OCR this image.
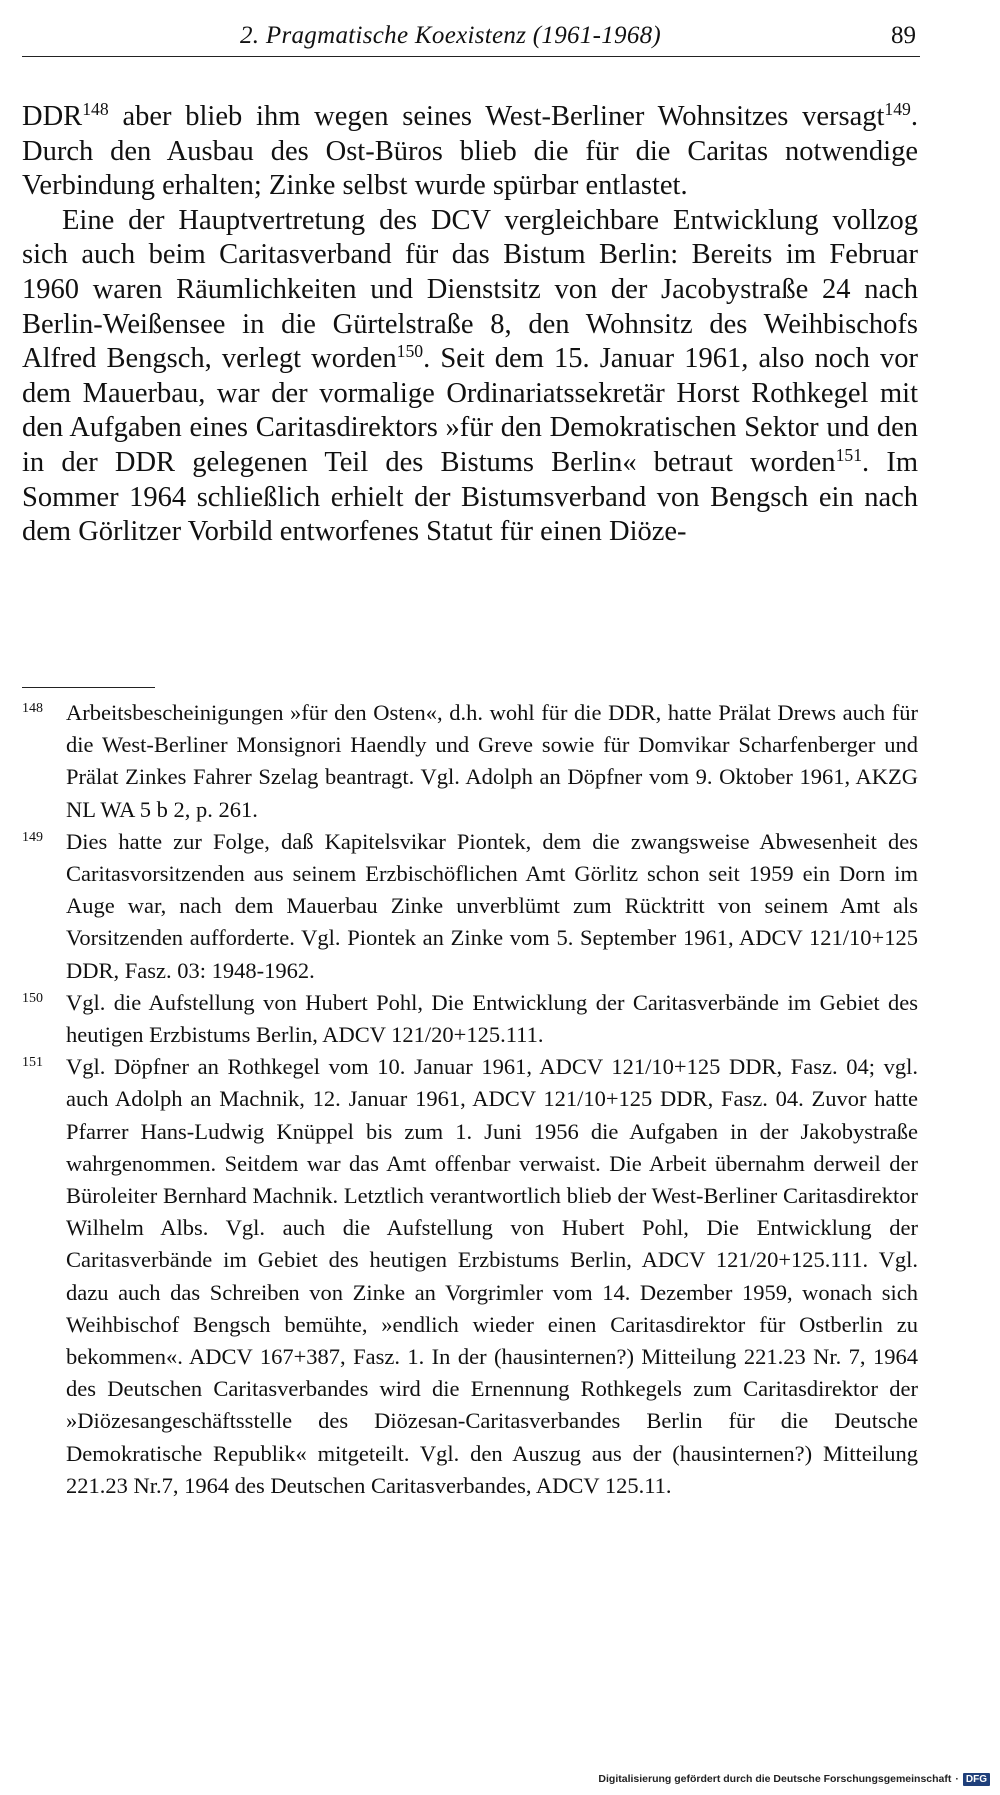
2. Pragmatische Koexistenz (1961-1968)	89

DDR$^{148}$ aber blieb ihm wegen seines West-Berliner Wohnsitzes versagt$^{149}$. Durch den Ausbau des Ost-Büros blieb die für die Caritas notwendige Verbindung erhalten; Zinke selbst wurde spürbar entlastet.

Eine der Hauptvertretung des DCV vergleichbare Entwicklung vollzog sich auch beim Caritasverband für das Bistum Berlin: Bereits im Februar 1960 waren Räumlichkeiten und Dienstsitz von der Jacobystraße 24 nach Berlin-Weißensee in die Gürtelstraße 8, den Wohnsitz des Weihbischofs Alfred Bengsch, verlegt worden$^{150}$. Seit dem 15. Januar 1961, also noch vor dem Mauerbau, war der vormalige Ordinariatssekretär Horst Rothkegel mit den Aufgaben eines Caritasdirektors »für den Demokratischen Sektor und den in der DDR gelegenen Teil des Bistums Berlin« betraut worden$^{151}$. Im Sommer 1964 schließlich erhielt der Bistumsverband von Bengsch ein nach dem Görlitzer Vorbild entworfenes Statut für einen Diöze-

148	Arbeitsbescheinigungen »für den Osten«, d.h. wohl für die DDR, hatte Prälat Drews auch für die West-Berliner Monsignori Haendly und Greve sowie für Domvikar Scharfenberger und Prälat Zinkes Fahrer Szelag beantragt. Vgl. Adolph an Döpfner vom 9. Oktober 1961, AKZG NL WA 5 b 2, p. 261.
149	Dies hatte zur Folge, daß Kapitelsvikar Piontek, dem die zwangsweise Abwesenheit des Caritasvorsitzenden aus seinem Erzbischöflichen Amt Görlitz schon seit 1959 ein Dorn im Auge war, nach dem Mauerbau Zinke unverblümt zum Rücktritt von seinem Amt als Vorsitzenden aufforderte. Vgl. Piontek an Zinke vom 5. September 1961, ADCV 121/10+125 DDR, Fasz. 03: 1948-1962.
150	Vgl. die Aufstellung von Hubert Pohl, Die Entwicklung der Caritasverbände im Gebiet des heutigen Erzbistums Berlin, ADCV 121/20+125.111.
151	Vgl. Döpfner an Rothkegel vom 10. Januar 1961, ADCV 121/10+125 DDR, Fasz. 04; vgl. auch Adolph an Machnik, 12. Januar 1961, ADCV 121/10+125 DDR, Fasz. 04. Zuvor hatte Pfarrer Hans-Ludwig Knüppel bis zum 1. Juni 1956 die Aufgaben in der Jakobystraße wahrgenommen. Seitdem war das Amt offenbar verwaist. Die Arbeit übernahm derweil der Büroleiter Bernhard Machnik. Letztlich verantwortlich blieb der West-Berliner Caritasdirektor Wilhelm Albs. Vgl. auch die Aufstellung von Hubert Pohl, Die Entwicklung der Caritasverbände im Gebiet des heutigen Erzbistums Berlin, ADCV 121/20+125.111. Vgl. dazu auch das Schreiben von Zinke an Vorgrimler vom 14. Dezember 1959, wonach sich Weihbischof Bengsch bemühte, »endlich wieder einen Caritasdirektor für Ostberlin zu bekommen«. ADCV 167+387, Fasz. 1. In der (hausinternen?) Mitteilung 221.23 Nr. 7, 1964 des Deutschen Caritasverbandes wird die Ernennung Rothkegels zum Caritasdirektor der »Diözesangeschäftsstelle des Diözesan-Caritasverbandes Berlin für die Deutsche Demokratische Republik« mitgeteilt. Vgl. den Auszug aus der (hausinternen?) Mitteilung 221.23 Nr.7, 1964 des Deutschen Caritasverbandes, ADCV 125.11.
Digitalisierung gefördert durch die Deutsche Forschungsgemeinschaft · DFG
